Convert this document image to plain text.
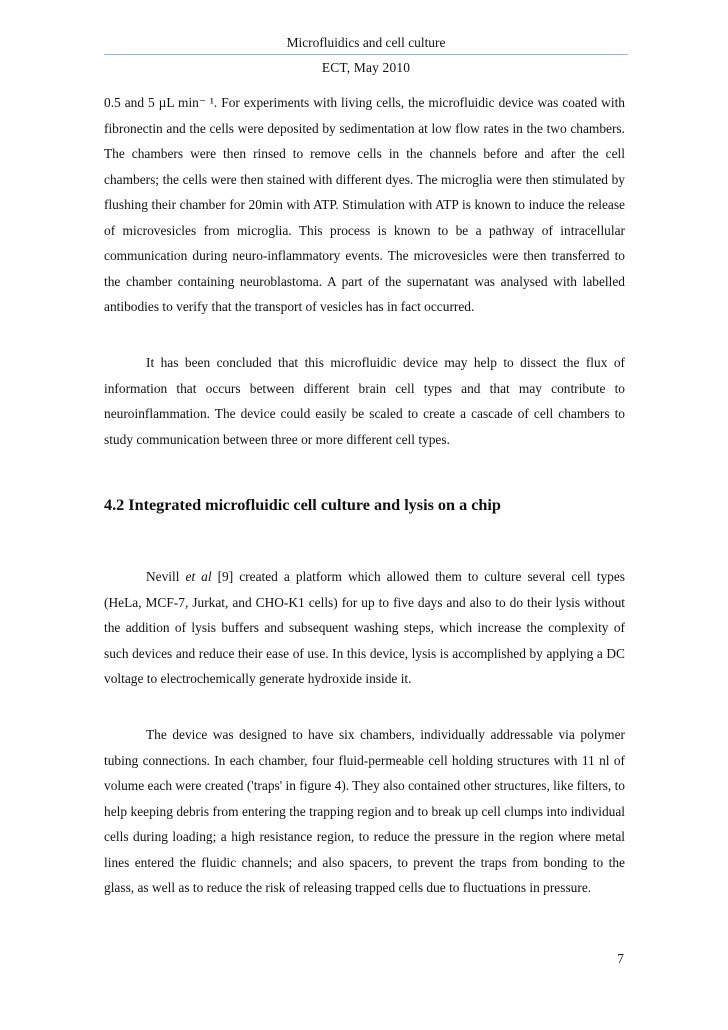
Microfluidics and cell culture
ECT, May 2010

0.5 and 5 µL min⁻ ¹. For experiments with living cells, the microfluidic device was coated with fibronectin and the cells were deposited by sedimentation at low flow rates in the two chambers. The chambers were then rinsed to remove cells in the channels before and after the cell chambers; the cells were then stained with different dyes. The microglia were then stimulated by flushing their chamber for 20min with ATP. Stimulation with ATP is known to induce the release of microvesicles from microglia. This process is known to be a pathway of intracellular communication during neuro-inflammatory events. The microvesicles were then transferred to the chamber containing neuroblastoma. A part of the supernatant was analysed with labelled antibodies to verify that the transport of vesicles has in fact occurred.

It has been concluded that this microfluidic device may help to dissect the flux of information that occurs between different brain cell types and that may contribute to neuroinflammation. The device could easily be scaled to create a cascade of cell chambers to study communication between three or more different cell types.

4.2 Integrated microfluidic cell culture and lysis on a chip

Nevill et al [9] created a platform which allowed them to culture several cell types (HeLa, MCF-7, Jurkat, and CHO-K1 cells) for up to five days and also to do their lysis without the addition of lysis buffers and subsequent washing steps, which increase the complexity of such devices and reduce their ease of use. In this device, lysis is accomplished by applying a DC voltage to electrochemically generate hydroxide inside it.

The device was designed to have six chambers, individually addressable via polymer tubing connections. In each chamber, four fluid-permeable cell holding structures with 11 nl of volume each were created ('traps' in figure 4). They also contained other structures, like filters, to help keeping debris from entering the trapping region and to break up cell clumps into individual cells during loading; a high resistance region, to reduce the pressure in the region where metal lines entered the fluidic channels; and also spacers, to prevent the traps from bonding to the glass, as well as to reduce the risk of releasing trapped cells due to fluctuations in pressure.

7
